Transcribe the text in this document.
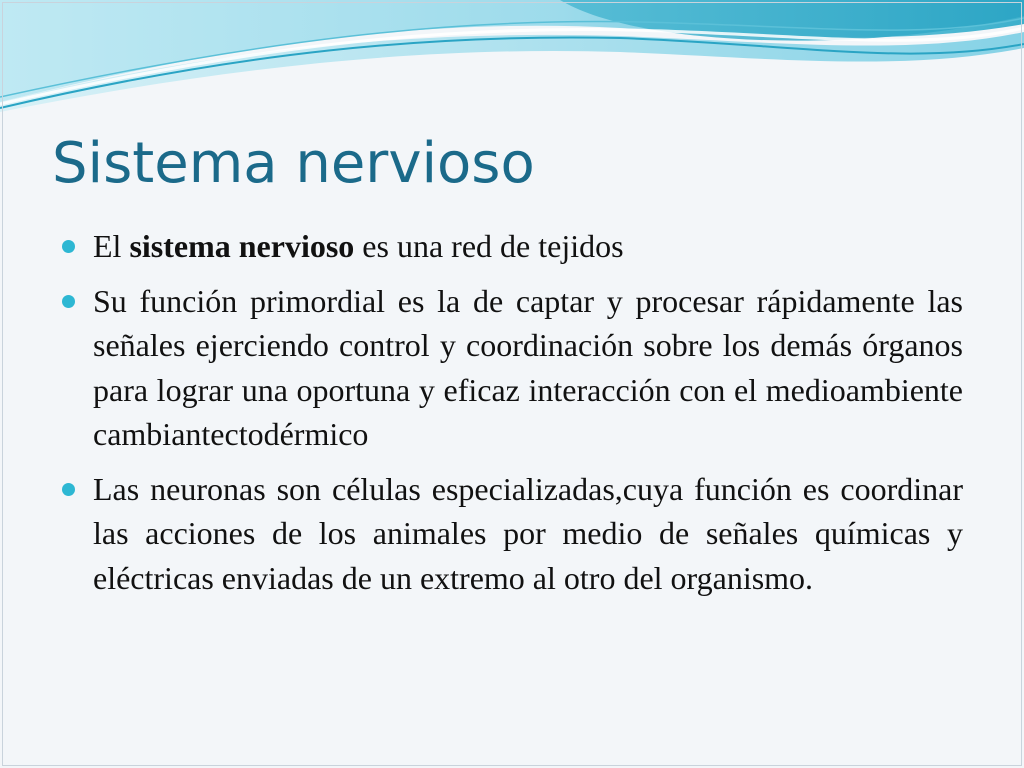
Sistema nervioso
El sistema nervioso es una red de tejidos
Su función primordial es la de captar y procesar rápidamente las señales ejerciendo control y coordinación sobre los demás órganos para lograr una oportuna y eficaz interacción con el medioambiente cambiantectodérmico
Las neuronas son células especializadas,cuya función es coordinar las acciones de los animales por medio de señales químicas y eléctricas enviadas de un extremo al otro del organismo.
